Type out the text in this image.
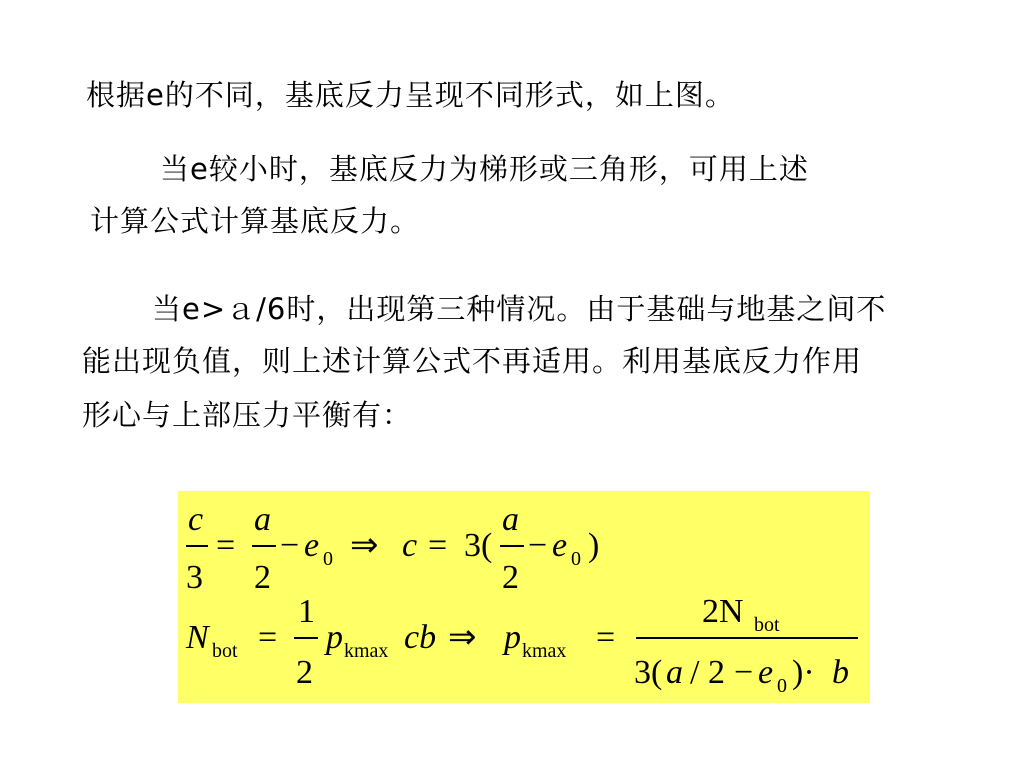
根据e的不同，基底反力呈现不同形式，如上图。
当e较小时，基底反力为梯形或三角形，可用上述
计算公式计算基底反力。
当e>ａ/6时，出现第三种情况。由于基础与地基之间不
能出现负值，则上述计算公式不再适用。利用基底反力作用
形心与上部压力平衡有：
c
3
=
a
2
− e 0 ⇒ c = 3(
a
2
− e 0 )
N bot =
1
2
p kmax cb ⇒ p kmax =
2N bot
3( a / 2 − e 0 )· b
